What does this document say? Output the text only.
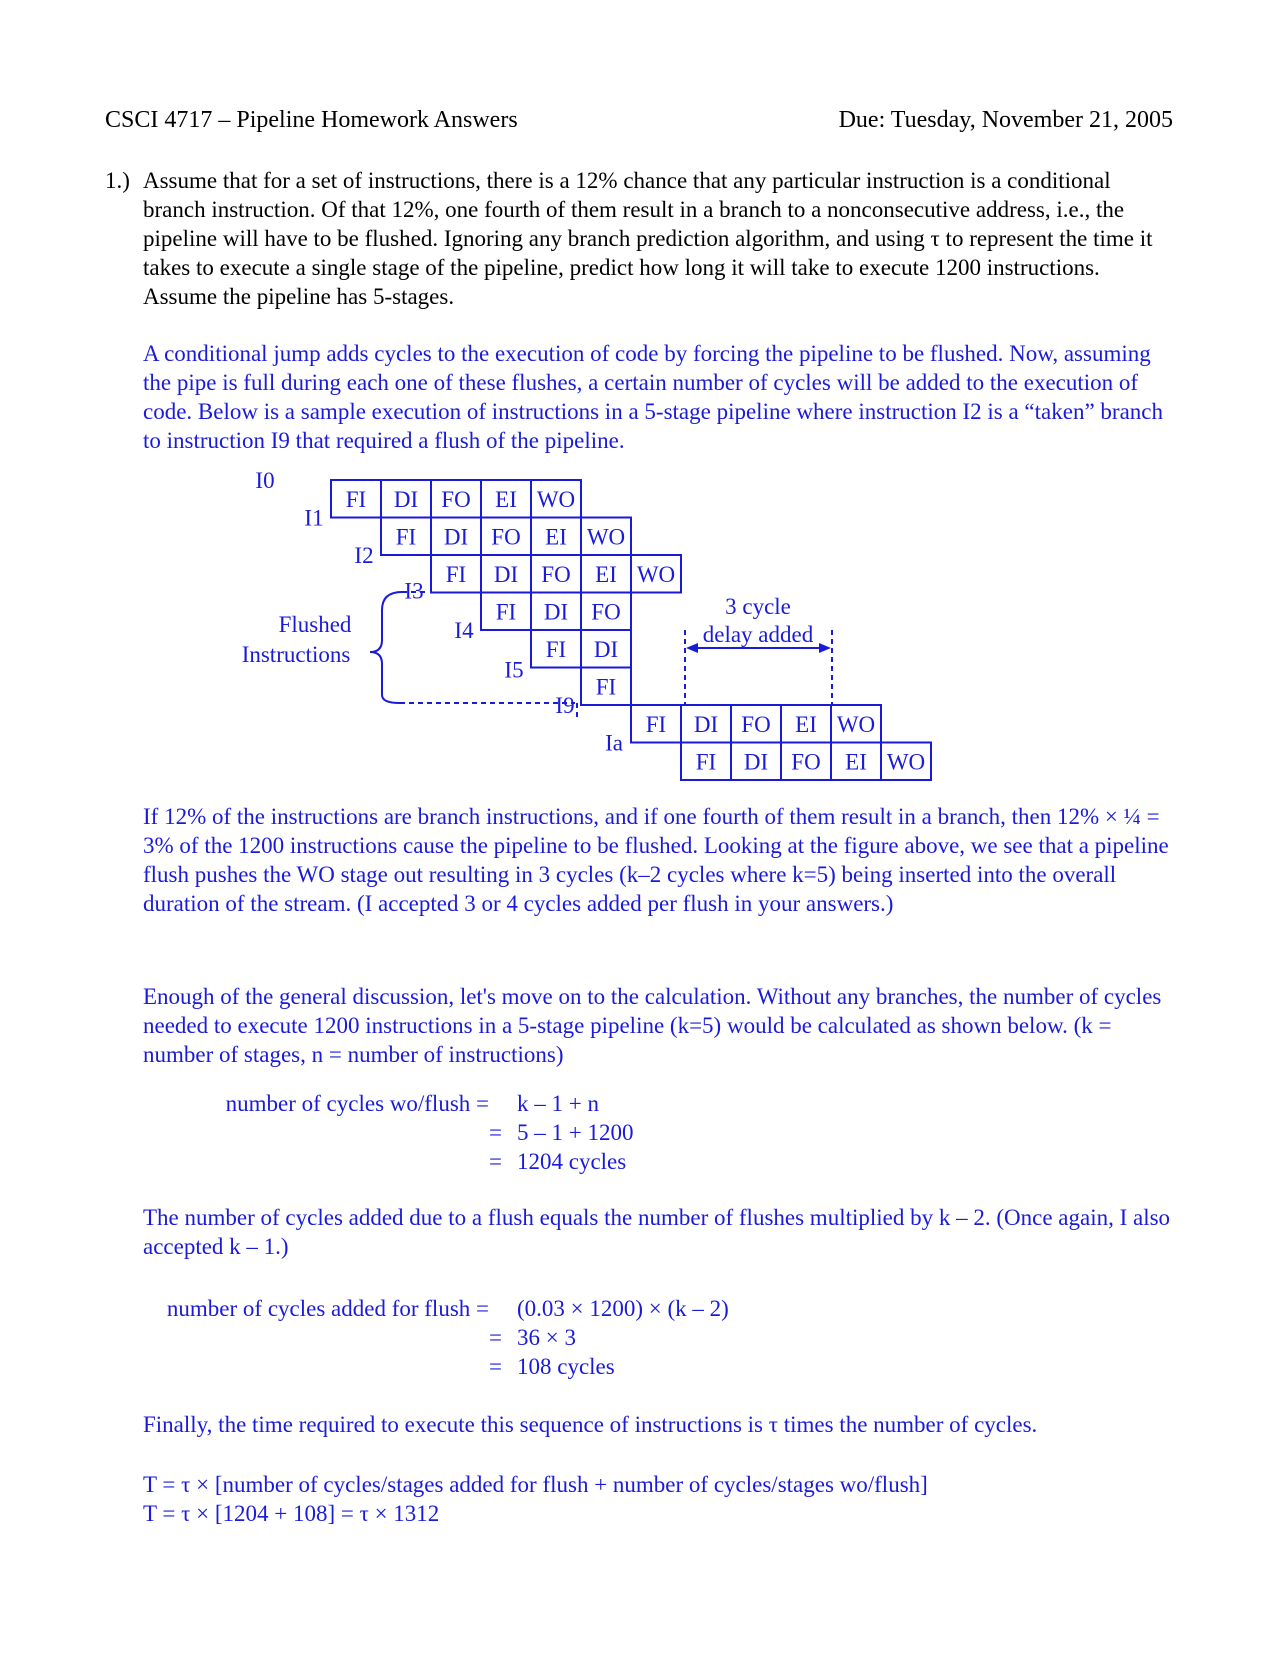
CSCI 4717 – Pipeline Homework Answers	Due: Tuesday, November 21, 2005
1.) Assume that for a set of instructions, there is a 12% chance that any particular instruction is a conditional branch instruction. Of that 12%, one fourth of them result in a branch to a nonconsecutive address, i.e., the pipeline will have to be flushed. Ignoring any branch prediction algorithm, and using τ to represent the time it takes to execute a single stage of the pipeline, predict how long it will take to execute 1200 instructions. Assume the pipeline has 5-stages.
A conditional jump adds cycles to the execution of code by forcing the pipeline to be flushed. Now, assuming the pipe is full during each one of these flushes, a certain number of cycles will be added to the execution of code. Below is a sample execution of instructions in a 5-stage pipeline where instruction I2 is a “taken” branch to instruction I9 that required a flush of the pipeline.
FI DI FO EI WO
FI DI FO EI WO
FI DI FO EI WO
FI DI FO
FI DI
FI
FI DI FO EI WO
FI DI FO EI WO
I0
I1
I2
I3
I4
I5
I9
Ia
Flushed
Instructions
3 cycle
delay added
If 12% of the instructions are branch instructions, and if one fourth of them result in a branch, then 12% × ¼ = 3% of the 1200 instructions cause the pipeline to be flushed. Looking at the figure above, we see that a pipeline flush pushes the WO stage out resulting in 3 cycles (k–2 cycles where k=5) being inserted into the overall duration of the stream. (I accepted 3 or 4 cycles added per flush in your answers.)
Enough of the general discussion, let's move on to the calculation. Without any branches, the number of cycles needed to execute 1200 instructions in a 5-stage pipeline (k=5) would be calculated as shown below. (k = number of stages, n = number of instructions)
number of cycles wo/flush =
=
=
k – 1 + n
5 – 1 + 1200
1204 cycles
The number of cycles added due to a flush equals the number of flushes multiplied by k – 2. (Once again, I also accepted k – 1.)
number of cycles added for flush =
=
=
(0.03 × 1200) × (k – 2)
36 × 3
108 cycles
Finally, the time required to execute this sequence of instructions is τ times the number of cycles.
T = τ × [number of cycles/stages added for flush + number of cycles/stages wo/flush]
T = τ × [1204 + 108] = τ × 1312
